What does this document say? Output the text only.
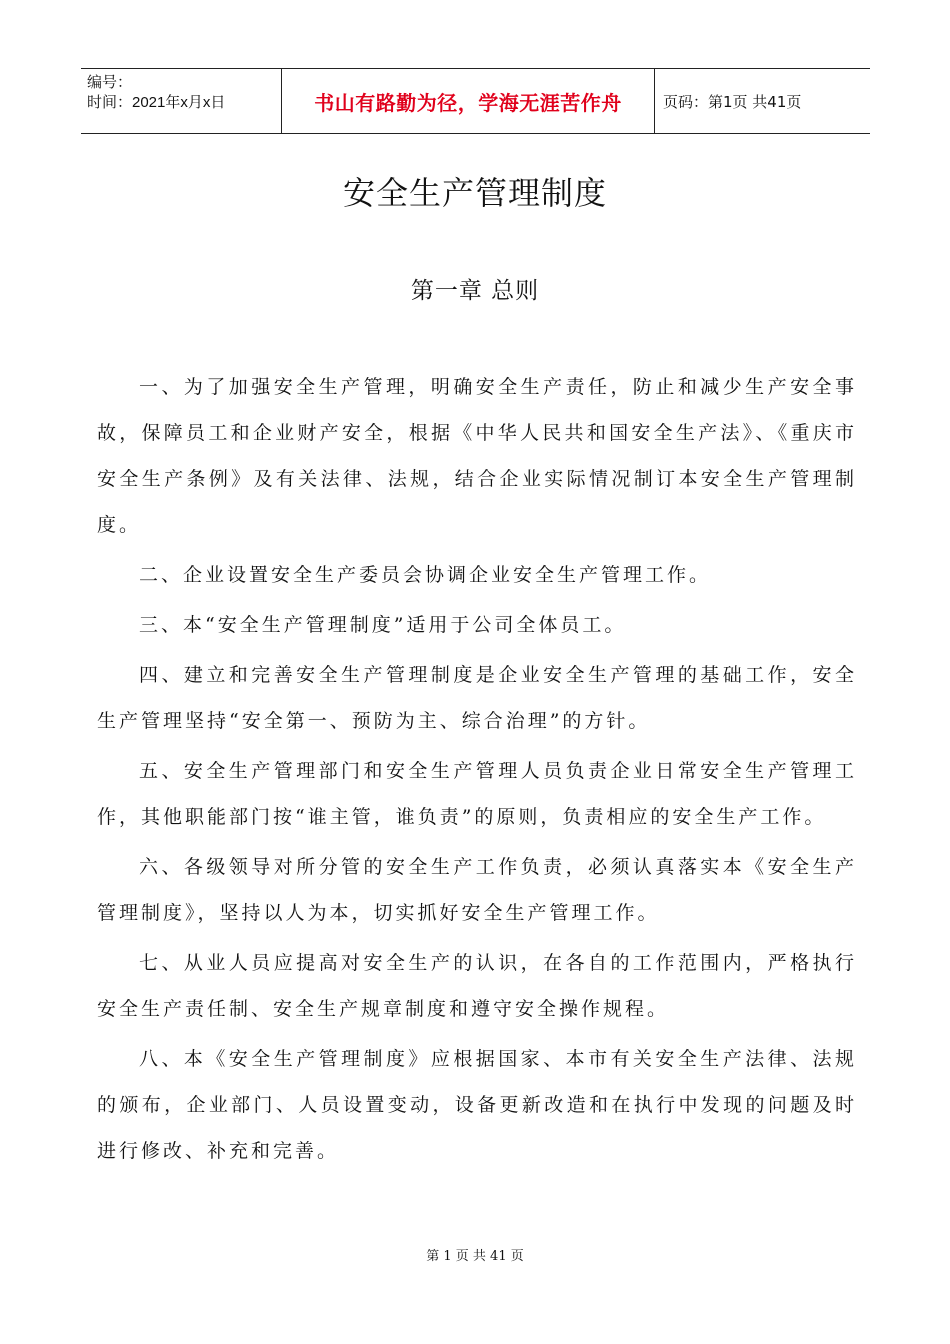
编号：
时间：2021年x月x日	书山有路勤为径，学海无涯苦作舟	页码：第1页 共41页
安全生产管理制度
第一章 总则

一、为了加强安全生产管理，明确安全生产责任，防止和减少生产安全事故，保障员工和企业财产安全，根据《中华人民共和国安全生产法》、《重庆市安全生产条例》及有关法律、法规，结合企业实际情况制订本安全生产管理制度。

二、企业设置安全生产委员会协调企业安全生产管理工作。

三、本“安全生产管理制度”适用于公司全体员工。

四、建立和完善安全生产管理制度是企业安全生产管理的基础工作，安全生产管理坚持“安全第一、预防为主、综合治理”的方针。

五、安全生产管理部门和安全生产管理人员负责企业日常安全生产管理工作，其他职能部门按“谁主管，谁负责”的原则，负责相应的安全生产工作。

六、各级领导对所分管的安全生产工作负责，必须认真落实本《安全生产管理制度》，坚持以人为本，切实抓好安全生产管理工作。

七、从业人员应提高对安全生产的认识，在各自的工作范围内，严格执行安全生产责任制、安全生产规章制度和遵守安全操作规程。

八、本《安全生产管理制度》应根据国家、本市有关安全生产法律、法规的颁布，企业部门、人员设置变动，设备更新改造和在执行中发现的问题及时进行修改、补充和完善。

第 1 页 共 41 页
